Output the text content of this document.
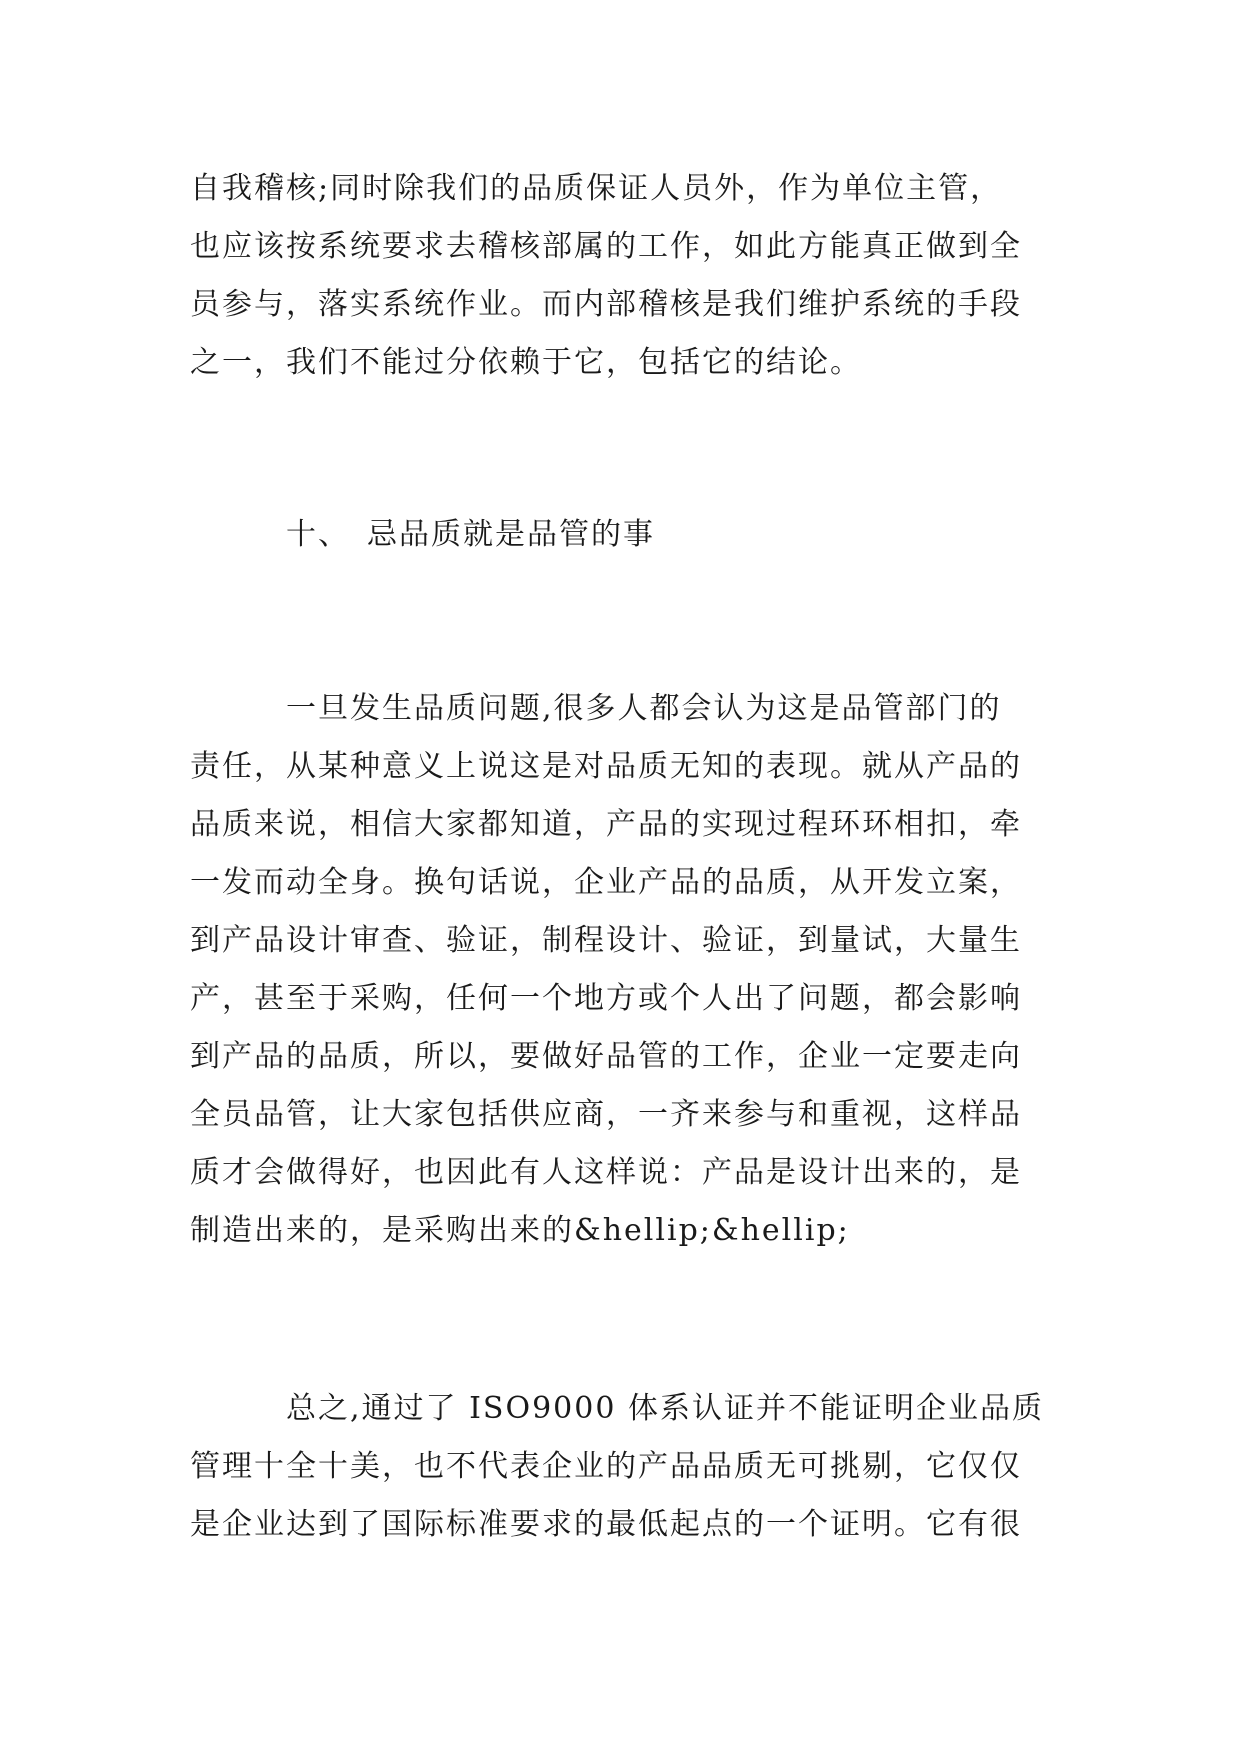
自我稽核;同时除我们的品质保证人员外，作为单位主管，
也应该按系统要求去稽核部属的工作，如此方能真正做到全
员参与，落实系统作业。而内部稽核是我们维护系统的手段
之一，我们不能过分依赖于它，包括它的结论。
　　　十、　忌品质就是品管的事
　　　一旦发生品质问题,很多人都会认为这是品管部门的
责任，从某种意义上说这是对品质无知的表现。就从产品的
品质来说，相信大家都知道，产品的实现过程环环相扣，牵
一发而动全身。换句话说，企业产品的品质，从开发立案，
到产品设计审查、验证，制程设计、验证，到量试，大量生
产，甚至于采购，任何一个地方或个人出了问题，都会影响
到产品的品质，所以，要做好品管的工作，企业一定要走向
全员品管，让大家包括供应商，一齐来参与和重视，这样品
质才会做得好，也因此有人这样说：产品是设计出来的，是
制造出来的，是采购出来的&hellip;&hellip;
　　　总之,通过了 ISO9000 体系认证并不能证明企业品质
管理十全十美，也不代表企业的产品品质无可挑剔，它仅仅
是企业达到了国际标准要求的最低起点的一个证明。它有很
